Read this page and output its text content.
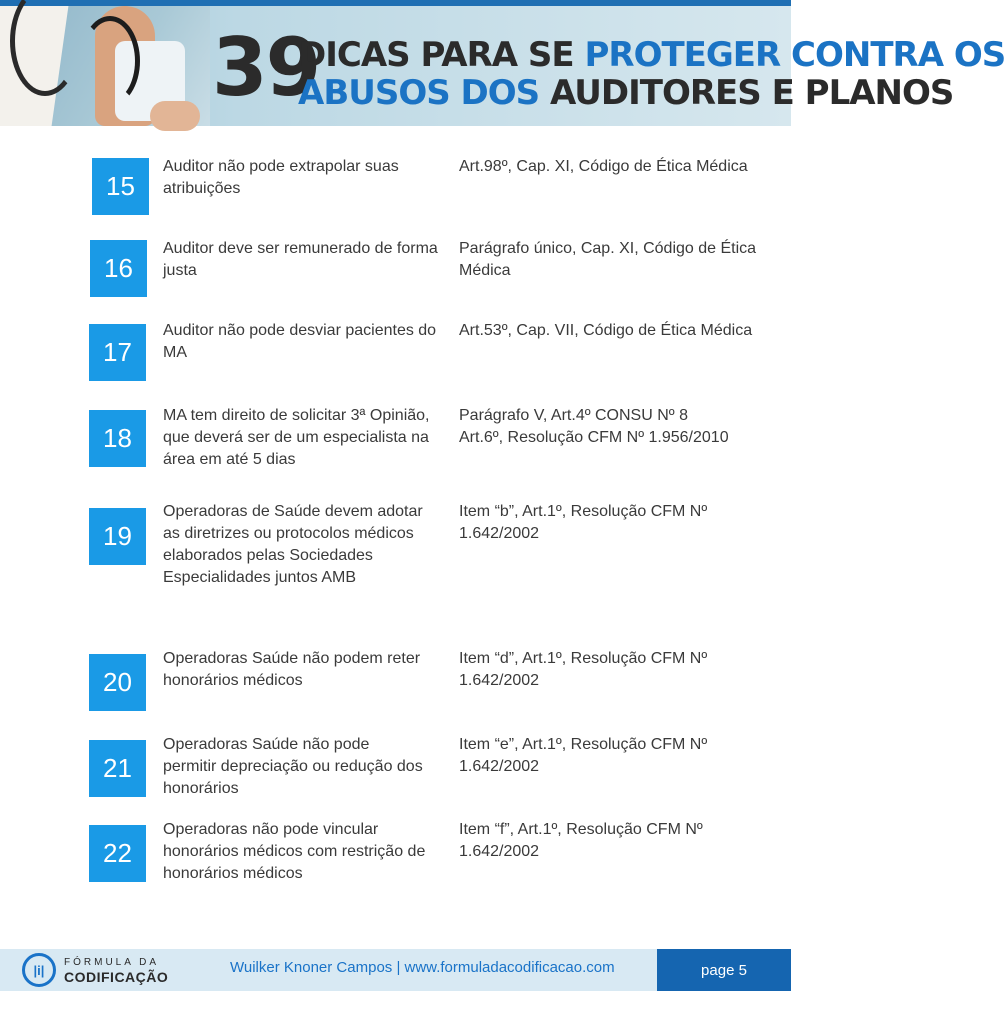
39
DICAS PARA SE PROTEGER CONTRA OS
ABUSOS DOS AUDITORES E PLANOS
15
Auditor não pode extrapolar suas atribuições
Art.98º, Cap. XI, Código de Ética Médica
16
Auditor deve ser remunerado de forma justa
Parágrafo único, Cap. XI, Código de Ética
Médica
17
Auditor não pode desviar pacientes do MA
Art.53º, Cap. VII, Código de Ética Médica
18
MA tem direito de solicitar 3ª Opinião, que deverá ser de um especialista na área em até 5 dias
Parágrafo V, Art.4º CONSU Nº 8
Art.6º, Resolução CFM Nº 1.956/2010
19
Operadoras de Saúde devem adotar as diretrizes ou protocolos médicos elaborados pelas Sociedades Especialidades juntos AMB
Item “b”, Art.1º, Resolução CFM Nº
1.642/2002
20
Operadoras Saúde não podem reter honorários médicos
Item “d”, Art.1º, Resolução CFM Nº
1.642/2002
21
Operadoras Saúde não pode permitir depreciação ou redução dos honorários
Item “e”, Art.1º, Resolução CFM Nº
1.642/2002
22
Operadoras não pode vincular honorários médicos com restrição de honorários médicos
Item “f”, Art.1º, Resolução CFM Nº
1.642/2002
|i|	FÓRMULA DA
CODIFICAÇÃO
Wuilker Knoner Campos | www.formuladacodificacao.com	page 5
